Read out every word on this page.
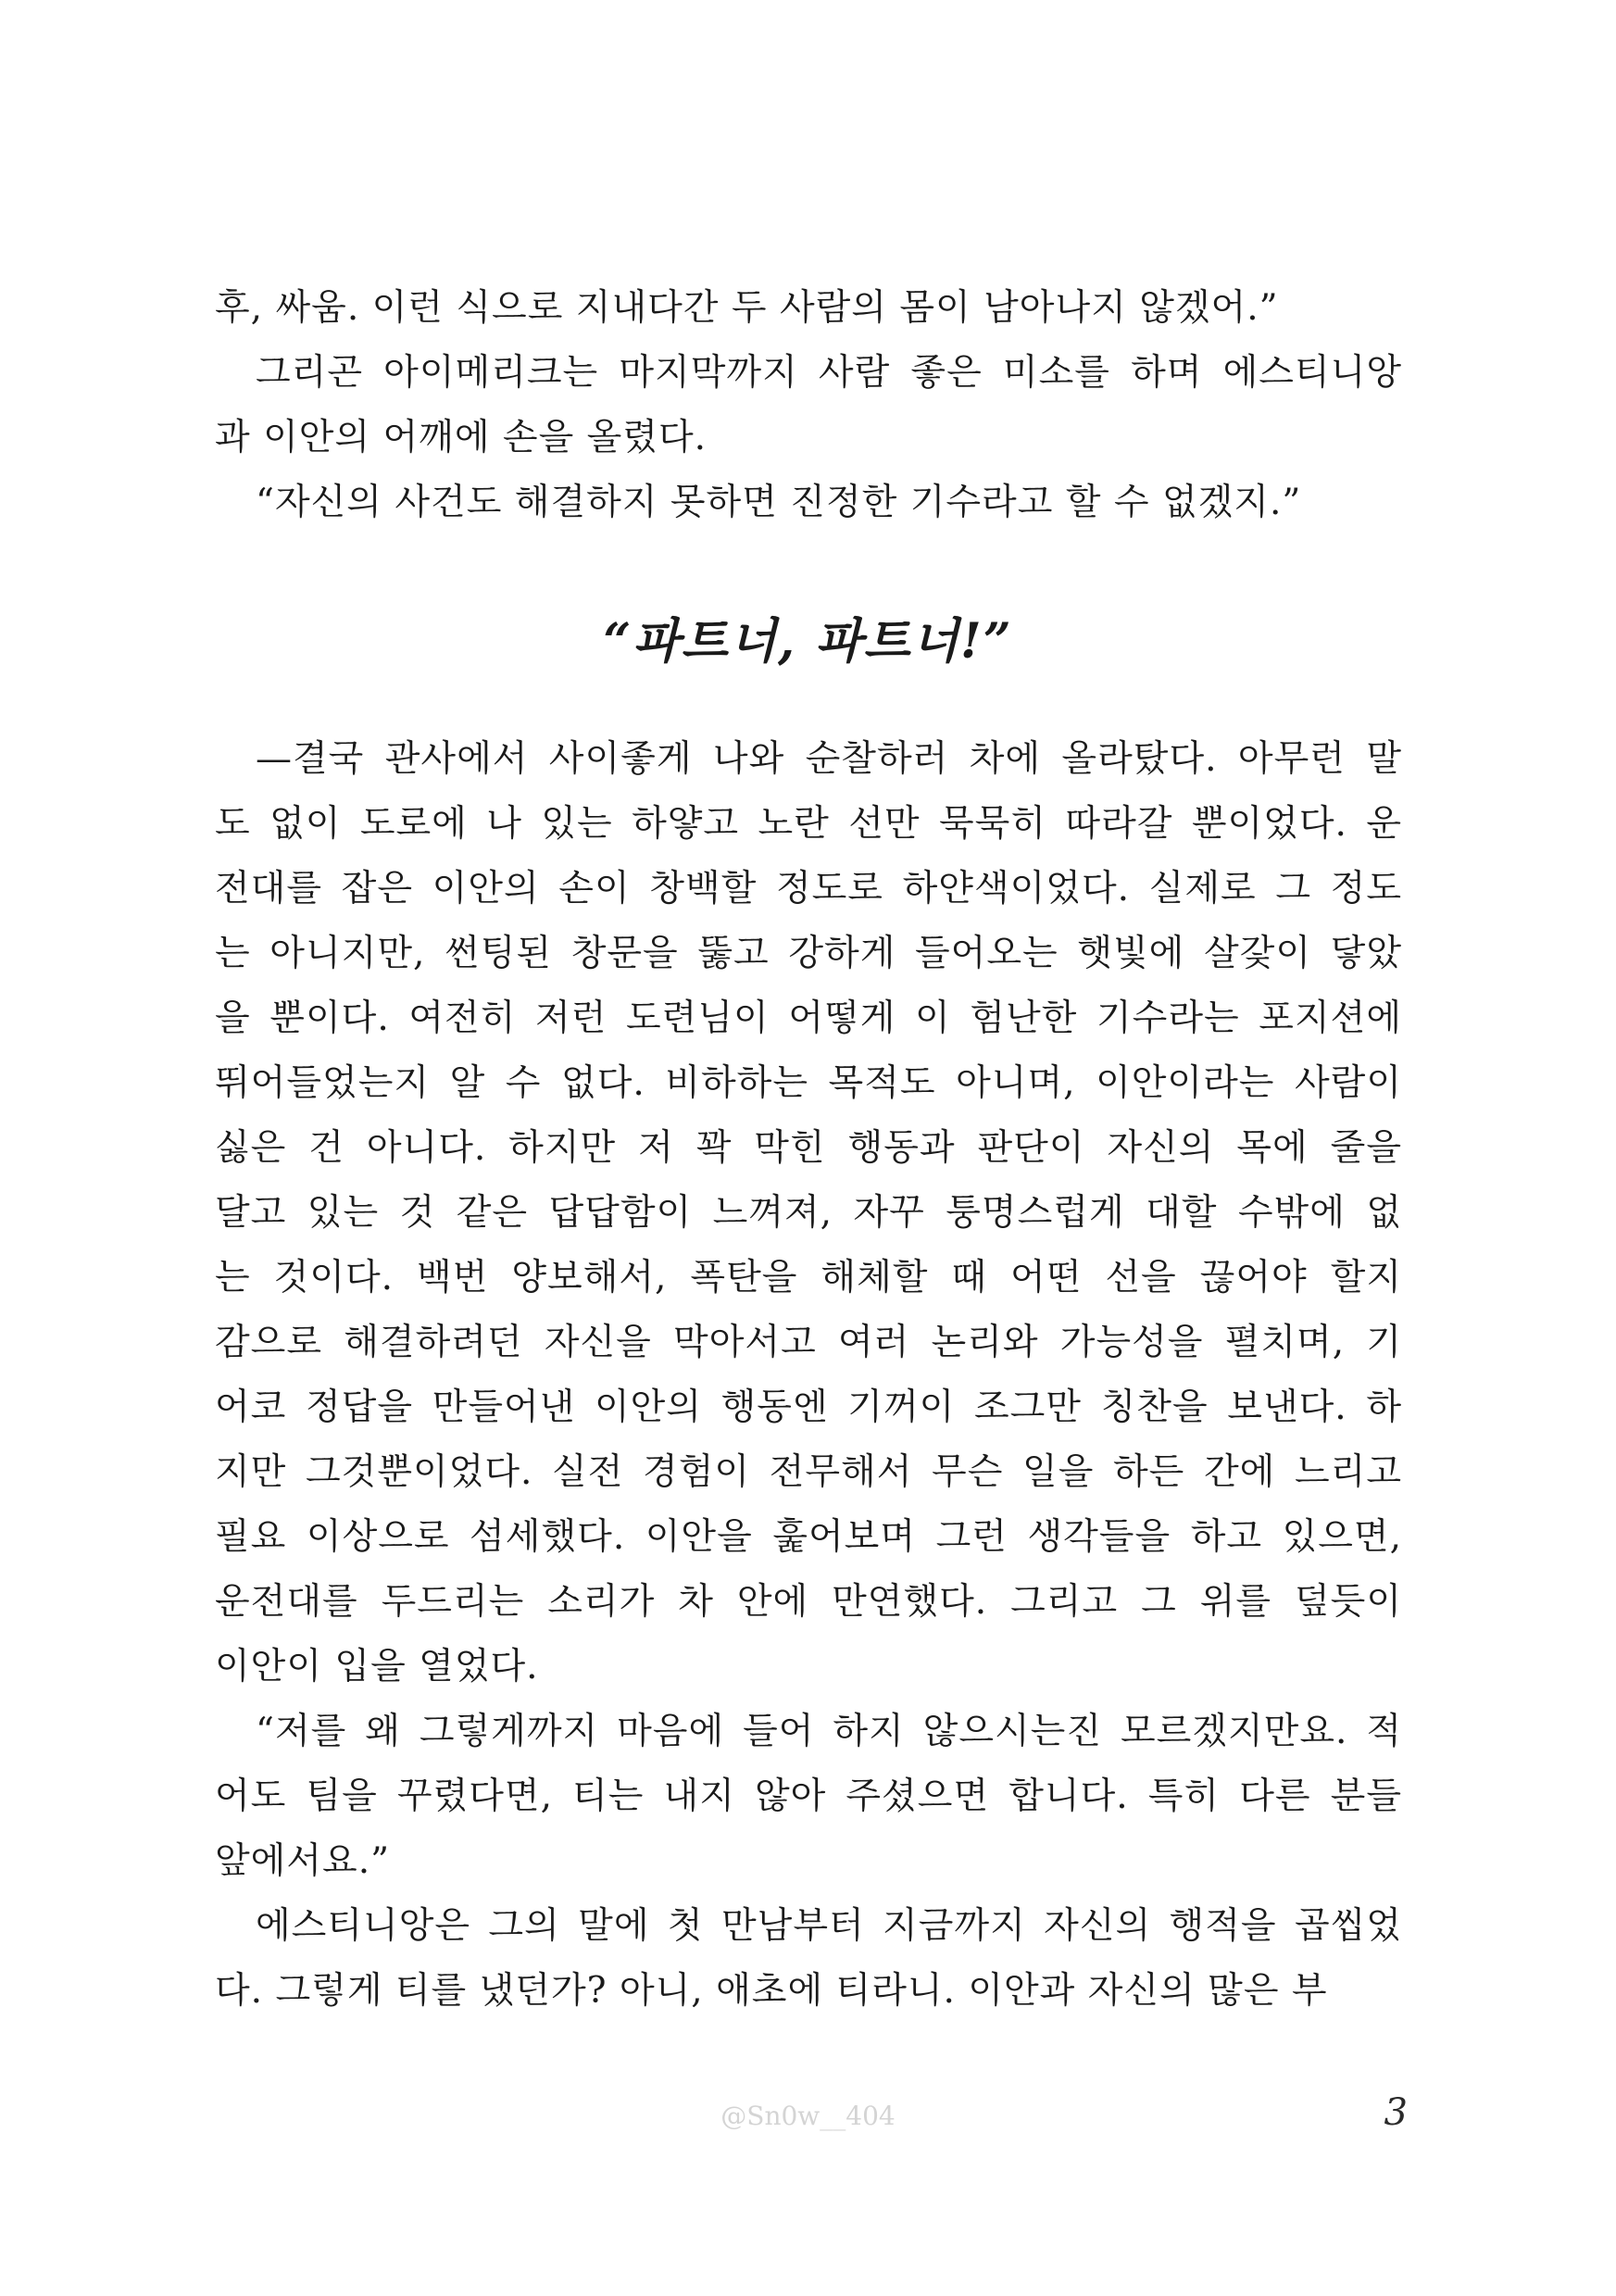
후, 싸움. 이런 식으로 지내다간 두 사람의 몸이 남아나지 않겠어.”
그리곤 아이메리크는 마지막까지 사람 좋은 미소를 하며 에스티니앙
과 이안의 어깨에 손을 올렸다.
“자신의 사건도 해결하지 못하면 진정한 기수라고 할 수 없겠지.”
“파트너, 파트너!”
—결국 관사에서 사이좋게 나와 순찰하러 차에 올라탔다. 아무런 말
도 없이 도로에 나 있는 하얗고 노란 선만 묵묵히 따라갈 뿐이었다. 운
전대를 잡은 이안의 손이 창백할 정도로 하얀색이었다. 실제로 그 정도
는 아니지만, 썬팅된 창문을 뚫고 강하게 들어오는 햇빛에 살갗이 닿았
을 뿐이다. 여전히 저런 도련님이 어떻게 이 험난한 기수라는 포지션에
뛰어들었는지 알 수 없다. 비하하는 목적도 아니며, 이안이라는 사람이
싫은 건 아니다. 하지만 저 꽉 막힌 행동과 판단이 자신의 목에 줄을
달고 있는 것 같은 답답함이 느껴져, 자꾸 퉁명스럽게 대할 수밖에 없
는 것이다. 백번 양보해서, 폭탄을 해체할 때 어떤 선을 끊어야 할지
감으로 해결하려던 자신을 막아서고 여러 논리와 가능성을 펼치며, 기
어코 정답을 만들어낸 이안의 행동엔 기꺼이 조그만 칭찬을 보낸다. 하
지만 그것뿐이었다. 실전 경험이 전무해서 무슨 일을 하든 간에 느리고
필요 이상으로 섬세했다. 이안을 훑어보며 그런 생각들을 하고 있으면,
운전대를 두드리는 소리가 차 안에 만연했다. 그리고 그 위를 덮듯이
이안이 입을 열었다.
“저를 왜 그렇게까지 마음에 들어 하지 않으시는진 모르겠지만요. 적
어도 팀을 꾸렸다면, 티는 내지 않아 주셨으면 합니다. 특히 다른 분들
앞에서요.”
에스티니앙은 그의 말에 첫 만남부터 지금까지 자신의 행적을 곱씹었
다. 그렇게 티를 냈던가? 아니, 애초에 티라니. 이안과 자신의 많은 부
@Sn0w__404	3
